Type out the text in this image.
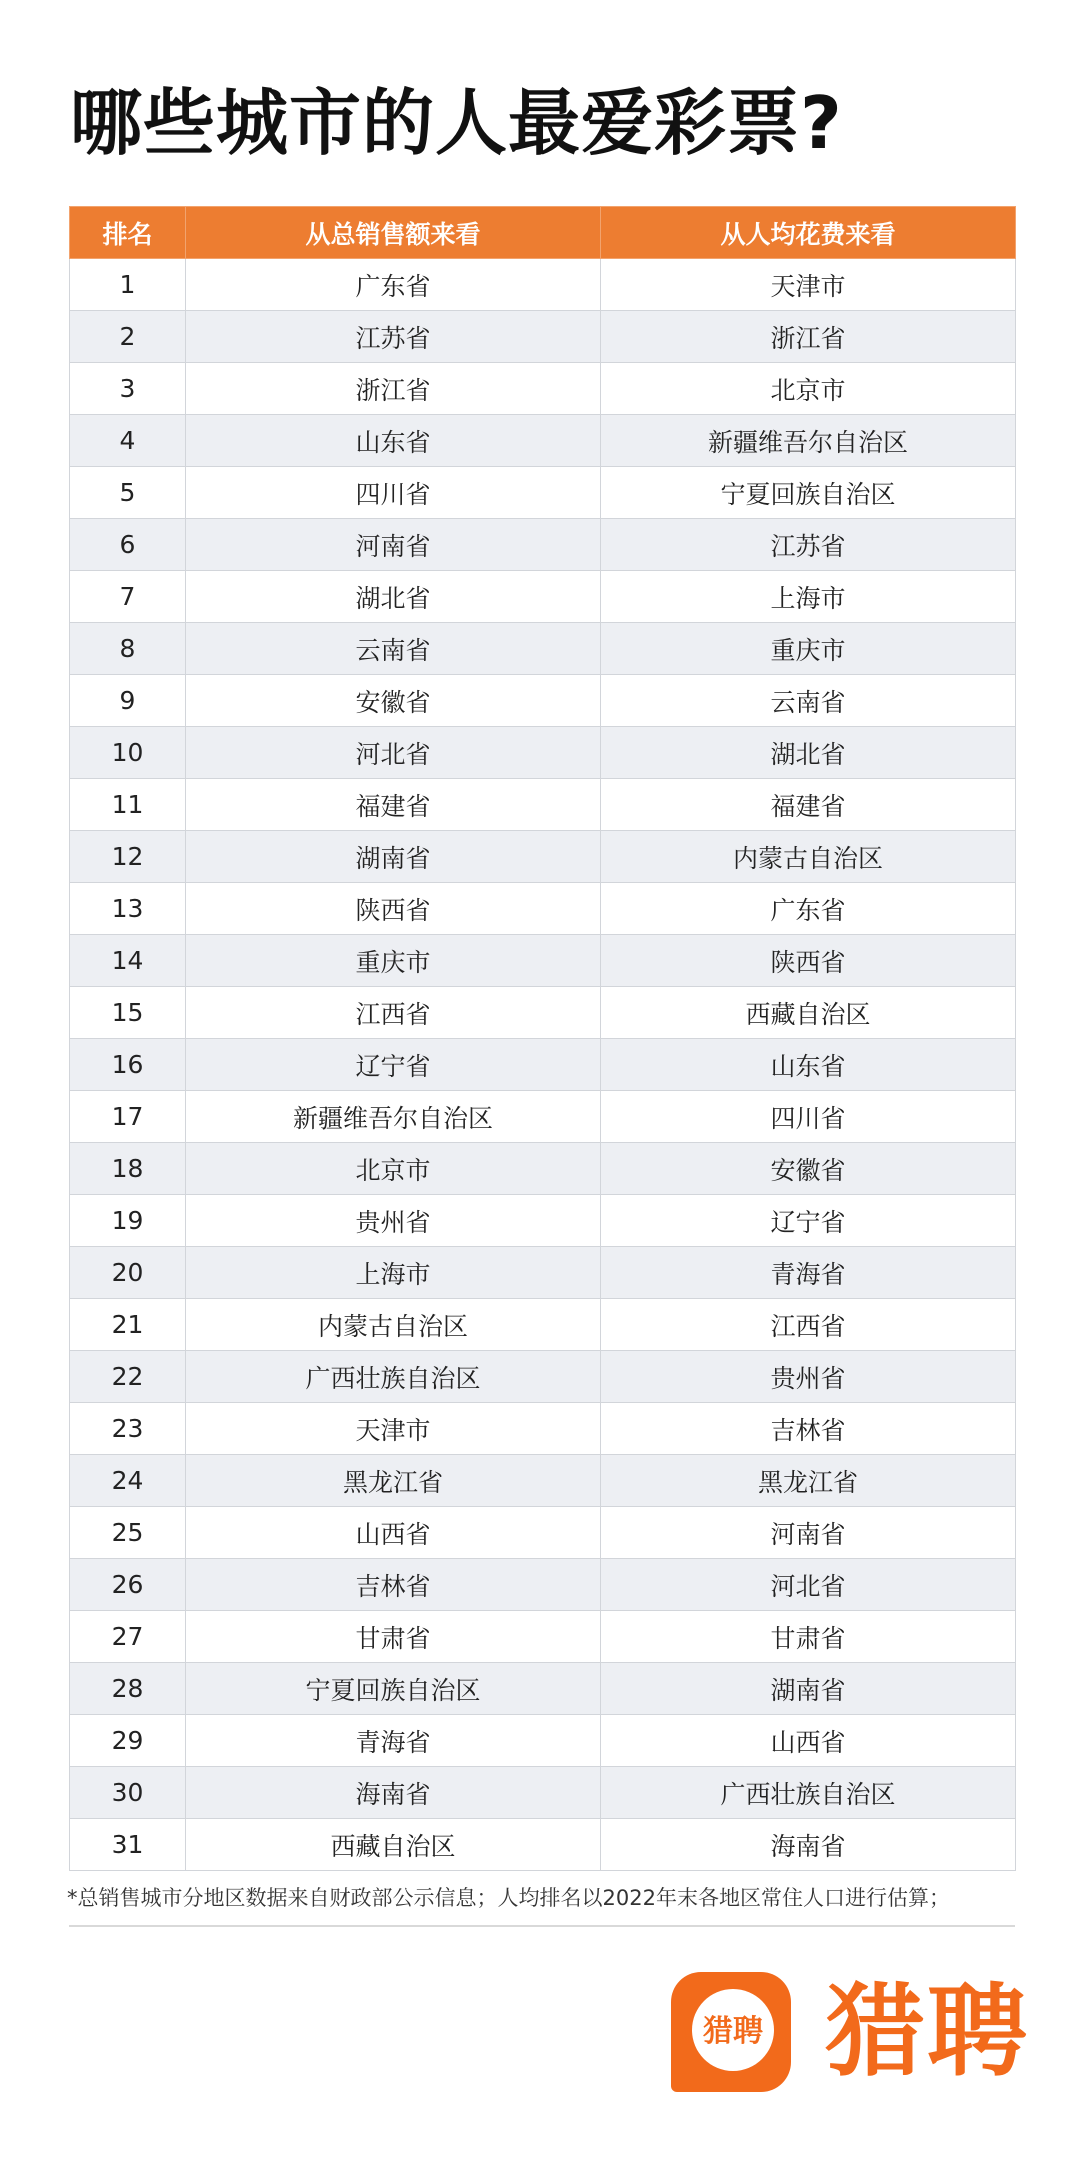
哪些城市的人最爱彩票?
排名	从总销售额来看	从人均花费来看
1	广东省	天津市
2	江苏省	浙江省
3	浙江省	北京市
4	山东省	新疆维吾尔自治区
5	四川省	宁夏回族自治区
6	河南省	江苏省
7	湖北省	上海市
8	云南省	重庆市
9	安徽省	云南省
10	河北省	湖北省
11	福建省	福建省
12	湖南省	内蒙古自治区
13	陕西省	广东省
14	重庆市	陕西省
15	江西省	西藏自治区
16	辽宁省	山东省
17	新疆维吾尔自治区	四川省
18	北京市	安徽省
19	贵州省	辽宁省
20	上海市	青海省
21	内蒙古自治区	江西省
22	广西壮族自治区	贵州省
23	天津市	吉林省
24	黑龙江省	黑龙江省
25	山西省	河南省
26	吉林省	河北省
27	甘肃省	甘肃省
28	宁夏回族自治区	湖南省
29	青海省	山西省
30	海南省	广西壮族自治区
31	西藏自治区	海南省
*总销售城市分地区数据来自财政部公示信息；人均排名以2022年末各地区常住人口进行估算；
猎聘 猎聘
